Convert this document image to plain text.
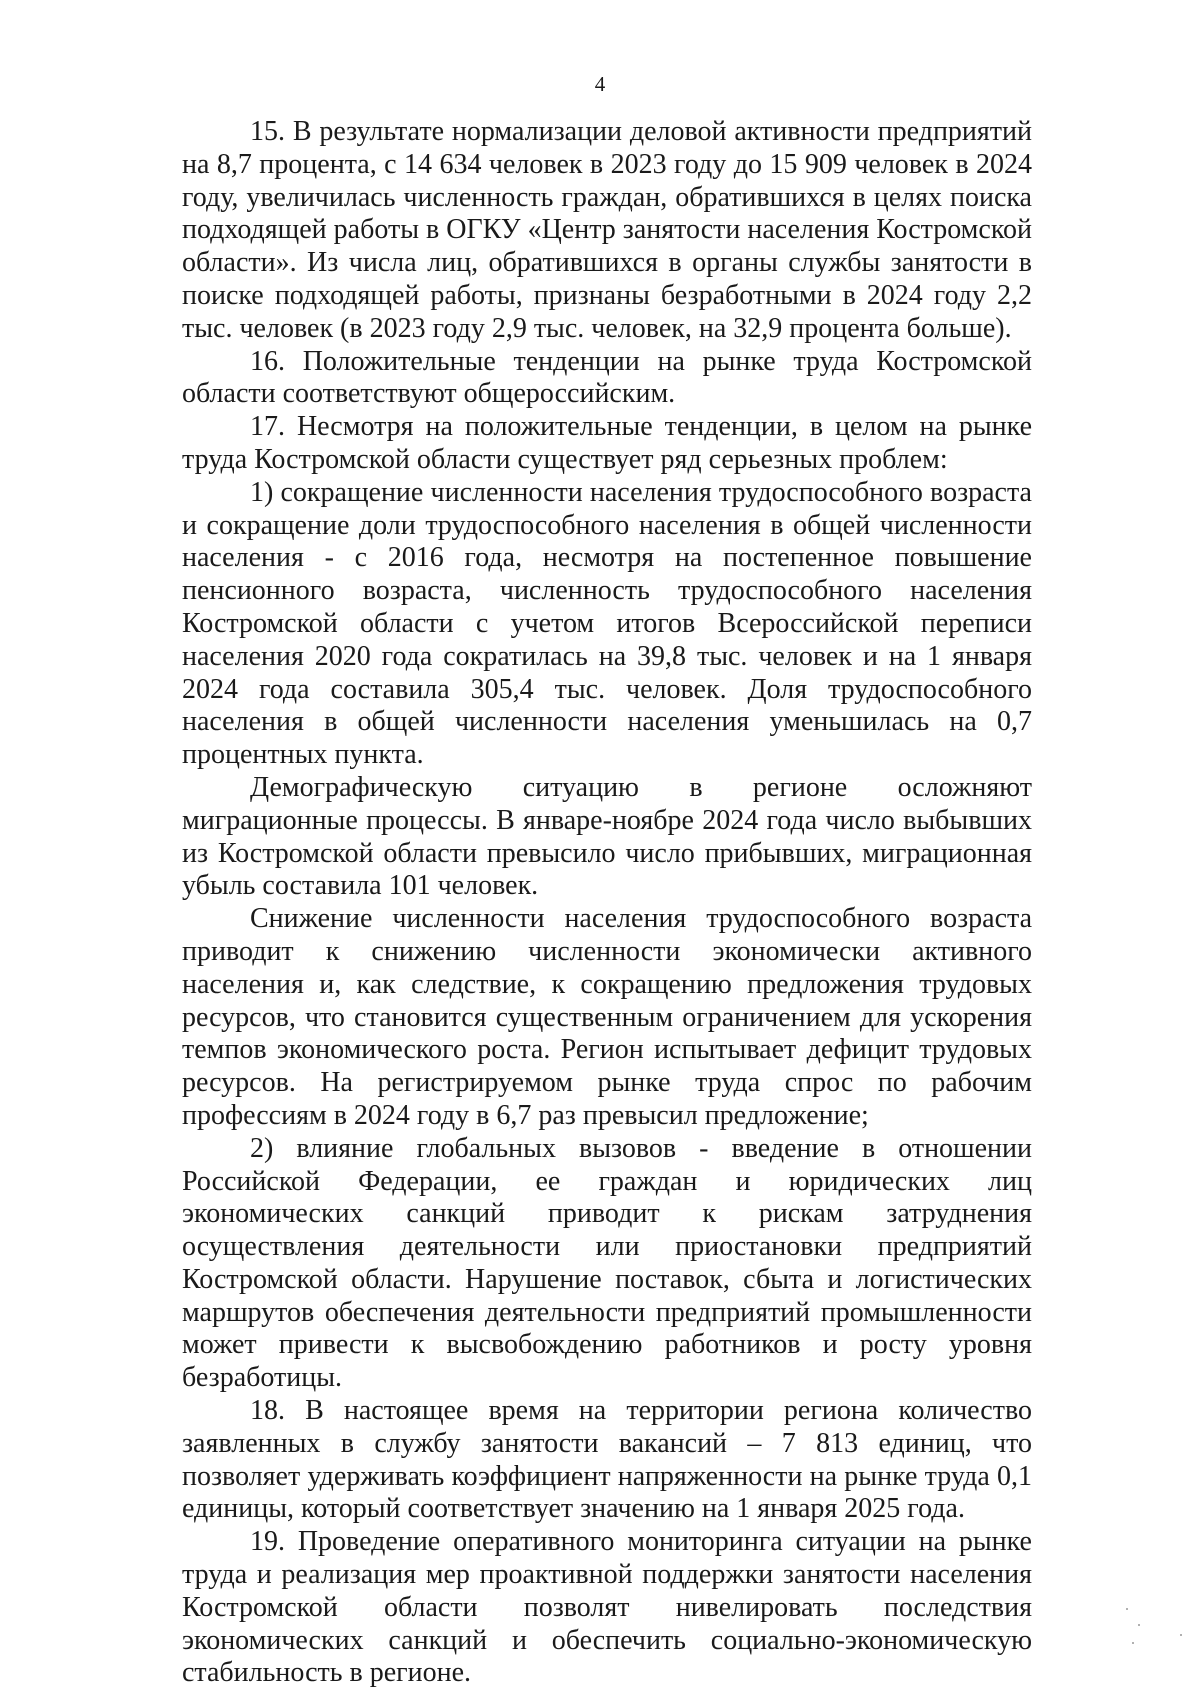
4

15. В результате нормализации деловой активности предприятий на 8,7 процента, с 14 634 человек в 2023 году до 15 909 человек в 2024 году, увеличилась численность граждан, обратившихся в целях поиска подходящей работы в ОГКУ «Центр занятости населения Костромской области». Из числа лиц, обратившихся в органы службы занятости в поиске подходящей работы, признаны безработными в 2024 году 2,2 тыс. человек (в 2023 году 2,9 тыс. человек, на 32,9 процента больше).

16. Положительные тенденции на рынке труда Костромской области соответствуют общероссийским.

17. Несмотря на положительные тенденции, в целом на рынке труда Костромской области существует ряд серьезных проблем:

1) сокращение численности населения трудоспособного возраста и сокращение доли трудоспособного населения в общей численности населения - с 2016 года, несмотря на постепенное повышение пенсионного возраста, численность трудоспособного населения Костромской области с учетом итогов Всероссийской переписи населения 2020 года сократилась на 39,8 тыс. человек и на 1 января 2024 года составила 305,4 тыс. человек. Доля трудоспособного населения в общей численности населения уменьшилась на 0,7 процентных пункта.

Демографическую ситуацию в регионе осложняют миграционные процессы. В январе-ноябре 2024 года число выбывших из Костромской области превысило число прибывших, миграционная убыль составила 101 человек.

Снижение численности населения трудоспособного возраста приводит к снижению численности экономически активного населения и, как следствие, к сокращению предложения трудовых ресурсов, что становится существенным ограничением для ускорения темпов экономического роста. Регион испытывает дефицит трудовых ресурсов. На регистрируемом рынке труда спрос по рабочим профессиям в 2024 году в 6,7 раз превысил предложение;

2) влияние глобальных вызовов - введение в отношении Российской Федерации, ее граждан и юридических лиц экономических санкций приводит к рискам затруднения осуществления деятельности или приостановки предприятий Костромской области. Нарушение поставок, сбыта и логистических маршрутов обеспечения деятельности предприятий промышленности может привести к высвобождению работников и росту уровня безработицы.

18. В настоящее время на территории региона количество заявленных в службу занятости вакансий – 7 813 единиц, что позволяет удерживать коэффициент напряженности на рынке труда 0,1 единицы, который соответствует значению на 1 января 2025 года.

19. Проведение оперативного мониторинга ситуации на рынке труда и реализация мер проактивной поддержки занятости населения Костромской области позволят нивелировать последствия экономических санкций и обеспечить социально-экономическую стабильность в регионе.
